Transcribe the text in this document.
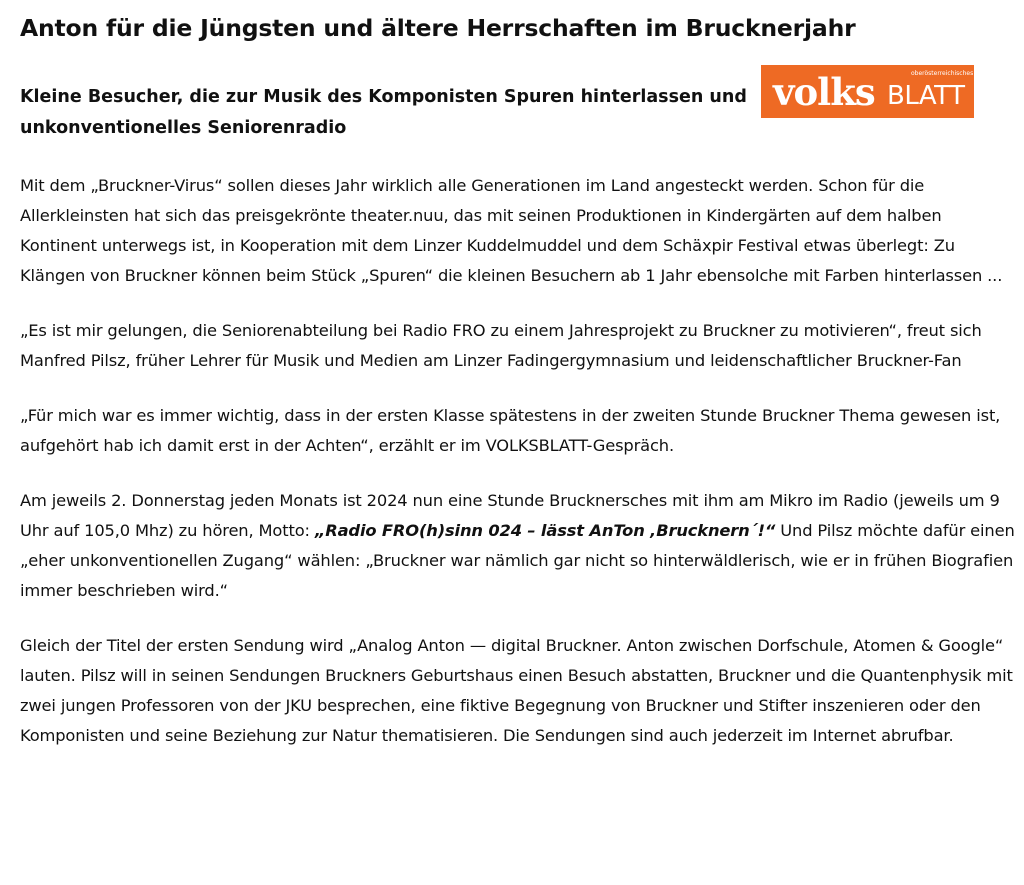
Anton für die Jüngsten und ältere Herrschaften im Brucknerjahr
Kleine Besucher, die zur Musik des Komponisten Spuren hinterlassen und unkonventionelles Seniorenradio
oberösterreichisches
volks BLATT

Mit dem „Bruckner-Virus“ sollen dieses Jahr wirklich alle Generationen im Land angesteckt werden. Schon für die Allerkleinsten hat sich das preisgekrönte theater.nuu, das mit seinen Produktionen in Kindergärten auf dem halben Kontinent unterwegs ist, in Kooperation mit dem Linzer Kuddelmuddel und dem Schäxpir Festival etwas überlegt: Zu Klängen von Bruckner können beim Stück „Spuren“ die kleinen Besuchern ab 1 Jahr ebensolche mit Farben hinterlassen ...

„Es ist mir gelungen, die Seniorenabteilung bei Radio FRO zu einem Jahresprojekt zu Bruckner zu motivieren“, freut sich Manfred Pilsz, früher Lehrer für Musik und Medien am Linzer Fadingergymnasium und leidenschaftlicher Bruckner-Fan

„Für mich war es immer wichtig, dass in der ersten Klasse spätestens in der zweiten Stunde Bruckner Thema gewesen ist, aufgehört hab ich damit erst in der Achten“, erzählt er im VOLKSBLATT-Gespräch.

Am jeweils 2. Donnerstag jeden Monats ist 2024 nun eine Stunde Brucknersches mit ihm am Mikro im Radio (jeweils um 9 Uhr auf 105,0 Mhz) zu hören, Motto: „Radio FRO(h)sinn 024 – lässt AnTon ‚Brucknern´!“ Und Pilsz möchte dafür einen „eher unkonventionellen Zugang“ wählen: „Bruckner war nämlich gar nicht so hinterwäldlerisch, wie er in frühen Biografien immer beschrieben wird.“

Gleich der Titel der ersten Sendung wird „Analog Anton — digital Bruckner. Anton zwischen Dorfschule, Atomen & Google“ lauten. Pilsz will in seinen Sendungen Bruckners Geburtshaus einen Besuch abstatten, Bruckner und die Quantenphysik mit zwei jungen Professoren von der JKU besprechen, eine fiktive Begegnung von Bruckner und Stifter inszenieren oder den Komponisten und seine Beziehung zur Natur thematisieren. Die Sendungen sind auch jederzeit im Internet abrufbar.
